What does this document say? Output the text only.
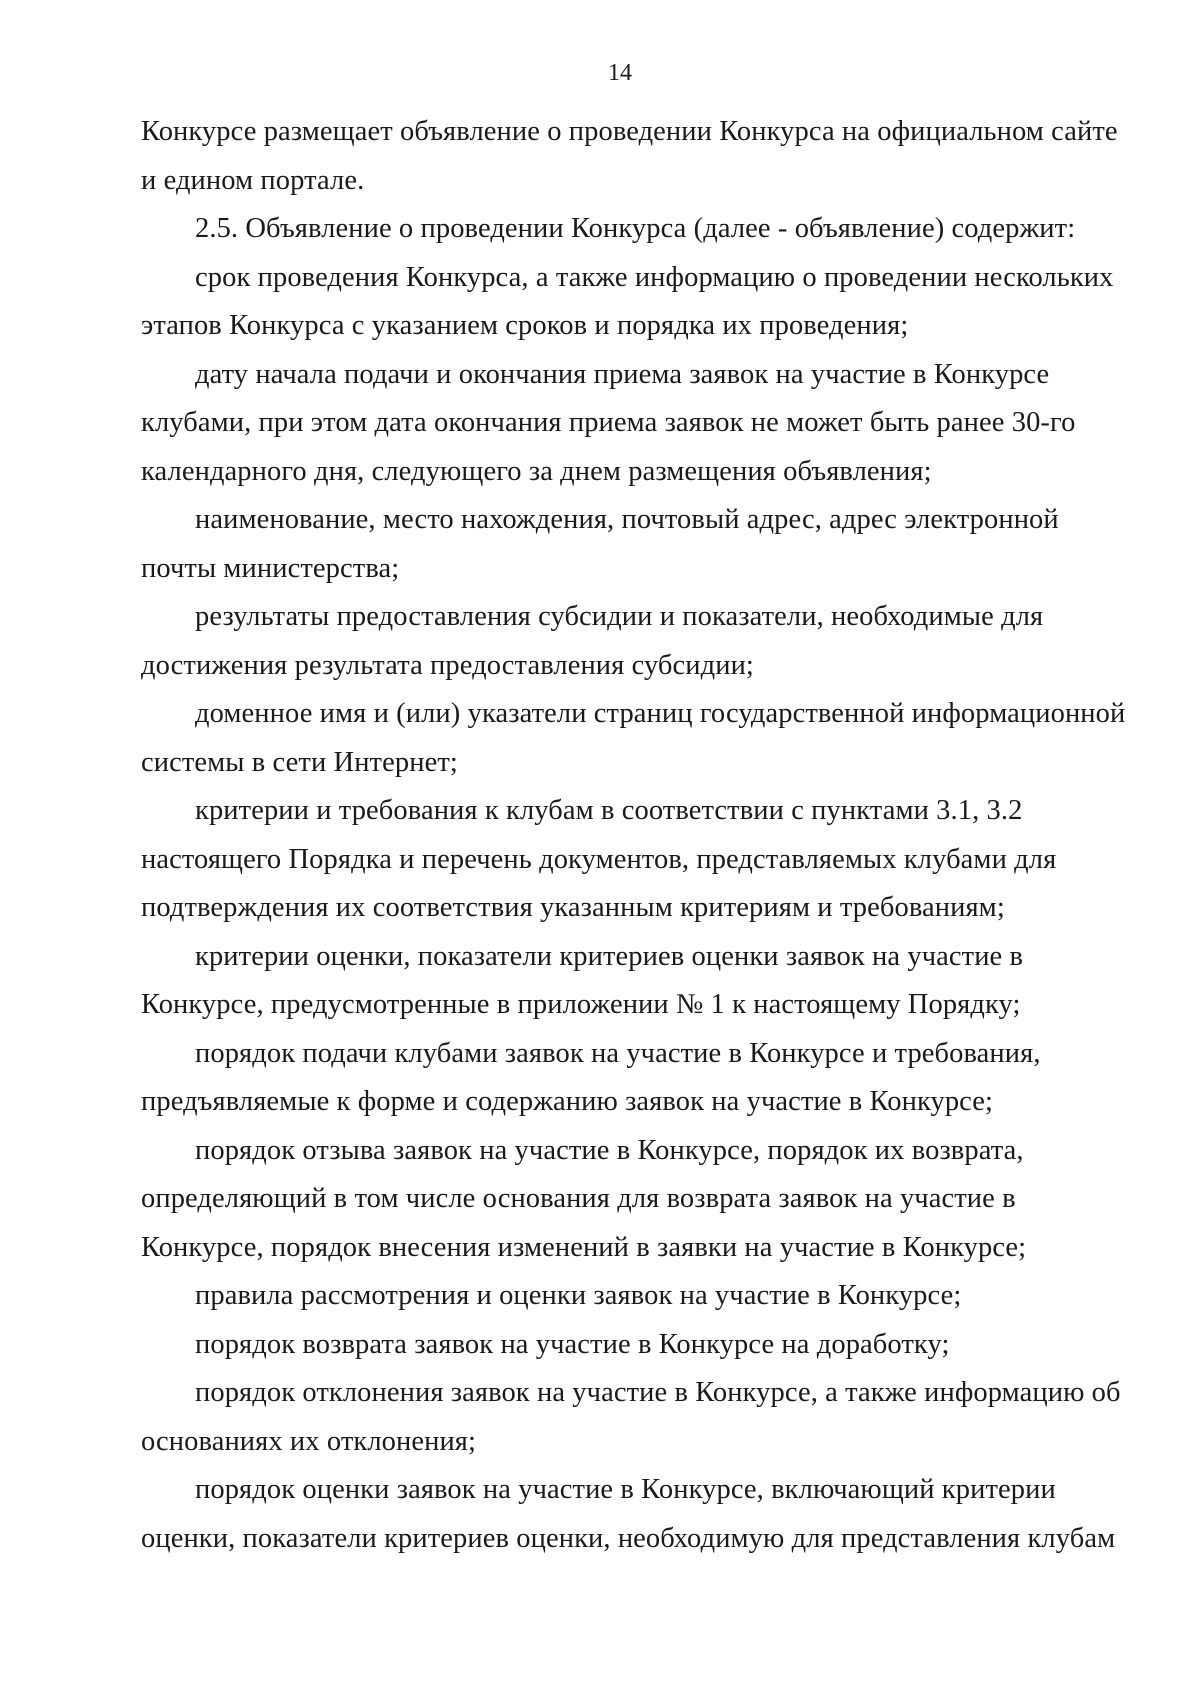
14

Конкурсе размещает объявление о проведении Конкурса на официальном сайте
и едином портале.

2.5. Объявление о проведении Конкурса (далее - объявление) содержит:

срок проведения Конкурса, а также информацию о проведении нескольких
этапов Конкурса с указанием сроков и порядка их проведения;

дату начала подачи и окончания приема заявок на участие в Конкурсе
клубами, при этом дата окончания приема заявок не может быть ранее 30-го
календарного дня, следующего за днем размещения объявления;

наименование, место нахождения, почтовый адрес, адрес электронной
почты министерства;

результаты предоставления субсидии и показатели, необходимые для
достижения результата предоставления субсидии;

доменное имя и (или) указатели страниц государственной информационной
системы в сети Интернет;

критерии и требования к клубам в соответствии с пунктами 3.1, 3.2
настоящего Порядка и перечень документов, представляемых клубами для
подтверждения их соответствия указанным критериям и требованиям;

критерии оценки, показатели критериев оценки заявок на участие в
Конкурсе, предусмотренные в приложении № 1 к настоящему Порядку;

порядок подачи клубами заявок на участие в Конкурсе и требования,
предъявляемые к форме и содержанию заявок на участие в Конкурсе;

порядок отзыва заявок на участие в Конкурсе, порядок их возврата,
определяющий в том числе основания для возврата заявок на участие в
Конкурсе, порядок внесения изменений в заявки на участие в Конкурсе;

правила рассмотрения и оценки заявок на участие в Конкурсе;

порядок возврата заявок на участие в Конкурсе на доработку;

порядок отклонения заявок на участие в Конкурсе, а также информацию об
основаниях их отклонения;

порядок оценки заявок на участие в Конкурсе, включающий критерии
оценки, показатели критериев оценки, необходимую для представления клубам
